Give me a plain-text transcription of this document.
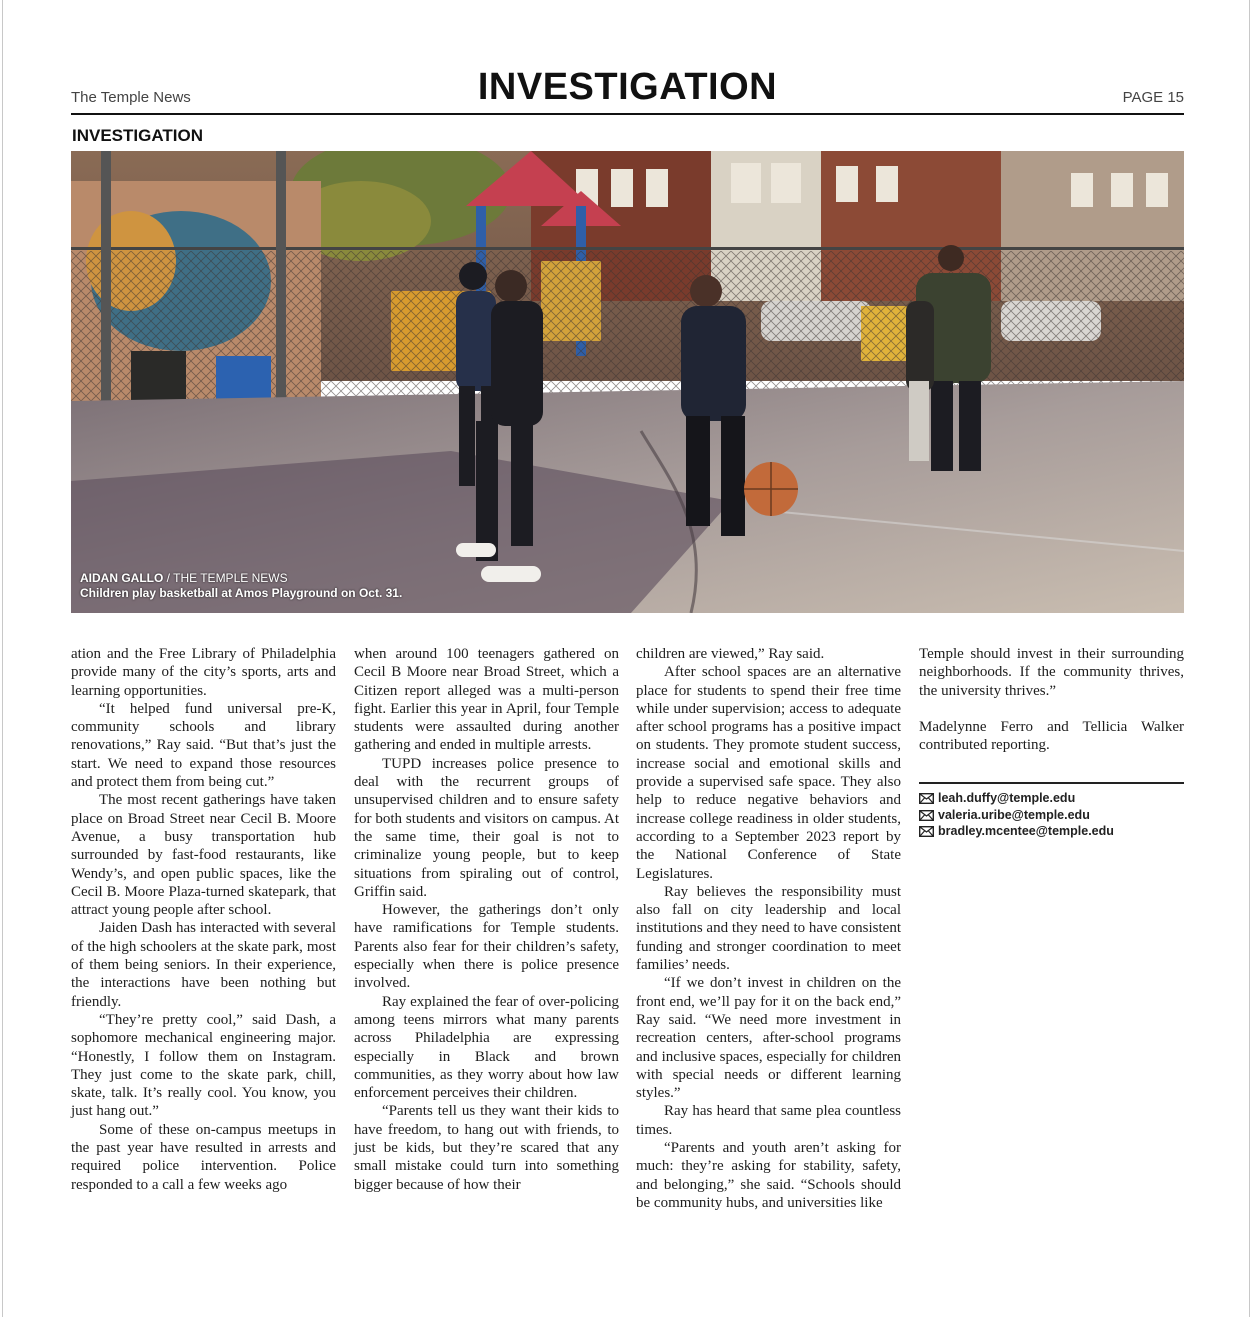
The Temple News	INVESTIGATION	PAGE 15
INVESTIGATION
AIDAN GALLO / THE TEMPLE NEWS
Children play basketball at Amos Playground on Oct. 31.

ation and the Free Library of Philadelphia provide many of the city’s sports, arts and learning opportunities.

“It helped fund universal pre-K, community schools and library renovations,” Ray said. “But that’s just the start. We need to expand those resources and protect them from being cut.”

The most recent gatherings have taken place on Broad Street near Cecil B. Moore Avenue, a busy transportation hub surrounded by fast-food restaurants, like Wendy’s, and open public spaces, like the Cecil B. Moore Plaza-turned skatepark, that attract young people after school.

Jaiden Dash has interacted with several of the high schoolers at the skate park, most of them being seniors. In their experience, the interactions have been nothing but friendly.

“They’re pretty cool,” said Dash, a sophomore mechanical engineering major. “Honestly, I follow them on Instagram. They just come to the skate park, chill, skate, talk. It’s really cool. You know, you just hang out.”

Some of these on-campus meetups in the past year have resulted in arrests and required police intervention. Police responded to a call a few weeks ago

when around 100 teenagers gathered on Cecil B Moore near Broad Street, which a Citizen report alleged was a multi-person fight. Earlier this year in April, four Temple students were assaulted during another gathering and ended in multiple arrests.

TUPD increases police presence to deal with the recurrent groups of unsupervised children and to ensure safety for both students and visitors on campus. At the same time, their goal is not to criminalize young people, but to keep situations from spiraling out of control, Griffin said.

However, the gatherings don’t only have ramifications for Temple students. Parents also fear for their children’s safety, especially when there is police presence involved.

Ray explained the fear of over-policing among teens mirrors what many parents across Philadelphia are expressing especially in Black and brown communities, as they worry about how law enforcement perceives their children.

“Parents tell us they want their kids to have freedom, to hang out with friends, to just be kids, but they’re scared that any small mistake could turn into something bigger because of how their

children are viewed,” Ray said.

After school spaces are an alternative place for students to spend their free time while under supervision; access to adequate after school programs has a positive impact on students. They promote student success, increase social and emotional skills and provide a supervised safe space. They also help to reduce negative behaviors and increase college readiness in older students, according to a September 2023 report by the National Conference of State Legislatures.

Ray believes the responsibility must also fall on city leadership and local institutions and they need to have consistent funding and stronger coordination to meet families’ needs.

“If we don’t invest in children on the front end, we’ll pay for it on the back end,” Ray said. “We need more investment in recreation centers, after-school programs and inclusive spaces, especially for children with special needs or different learning styles.”

Ray has heard that same plea countless times.

“Parents and youth aren’t asking for much: they’re asking for stability, safety, and belonging,” she said. “Schools should be community hubs, and universities like

Temple should invest in their surrounding neighborhoods. If the community thrives, the university thrives.”

Madelynne Ferro and Tellicia Walker contributed reporting.

leah.duffy@temple.edu
valeria.uribe@temple.edu
bradley.mcentee@temple.edu
